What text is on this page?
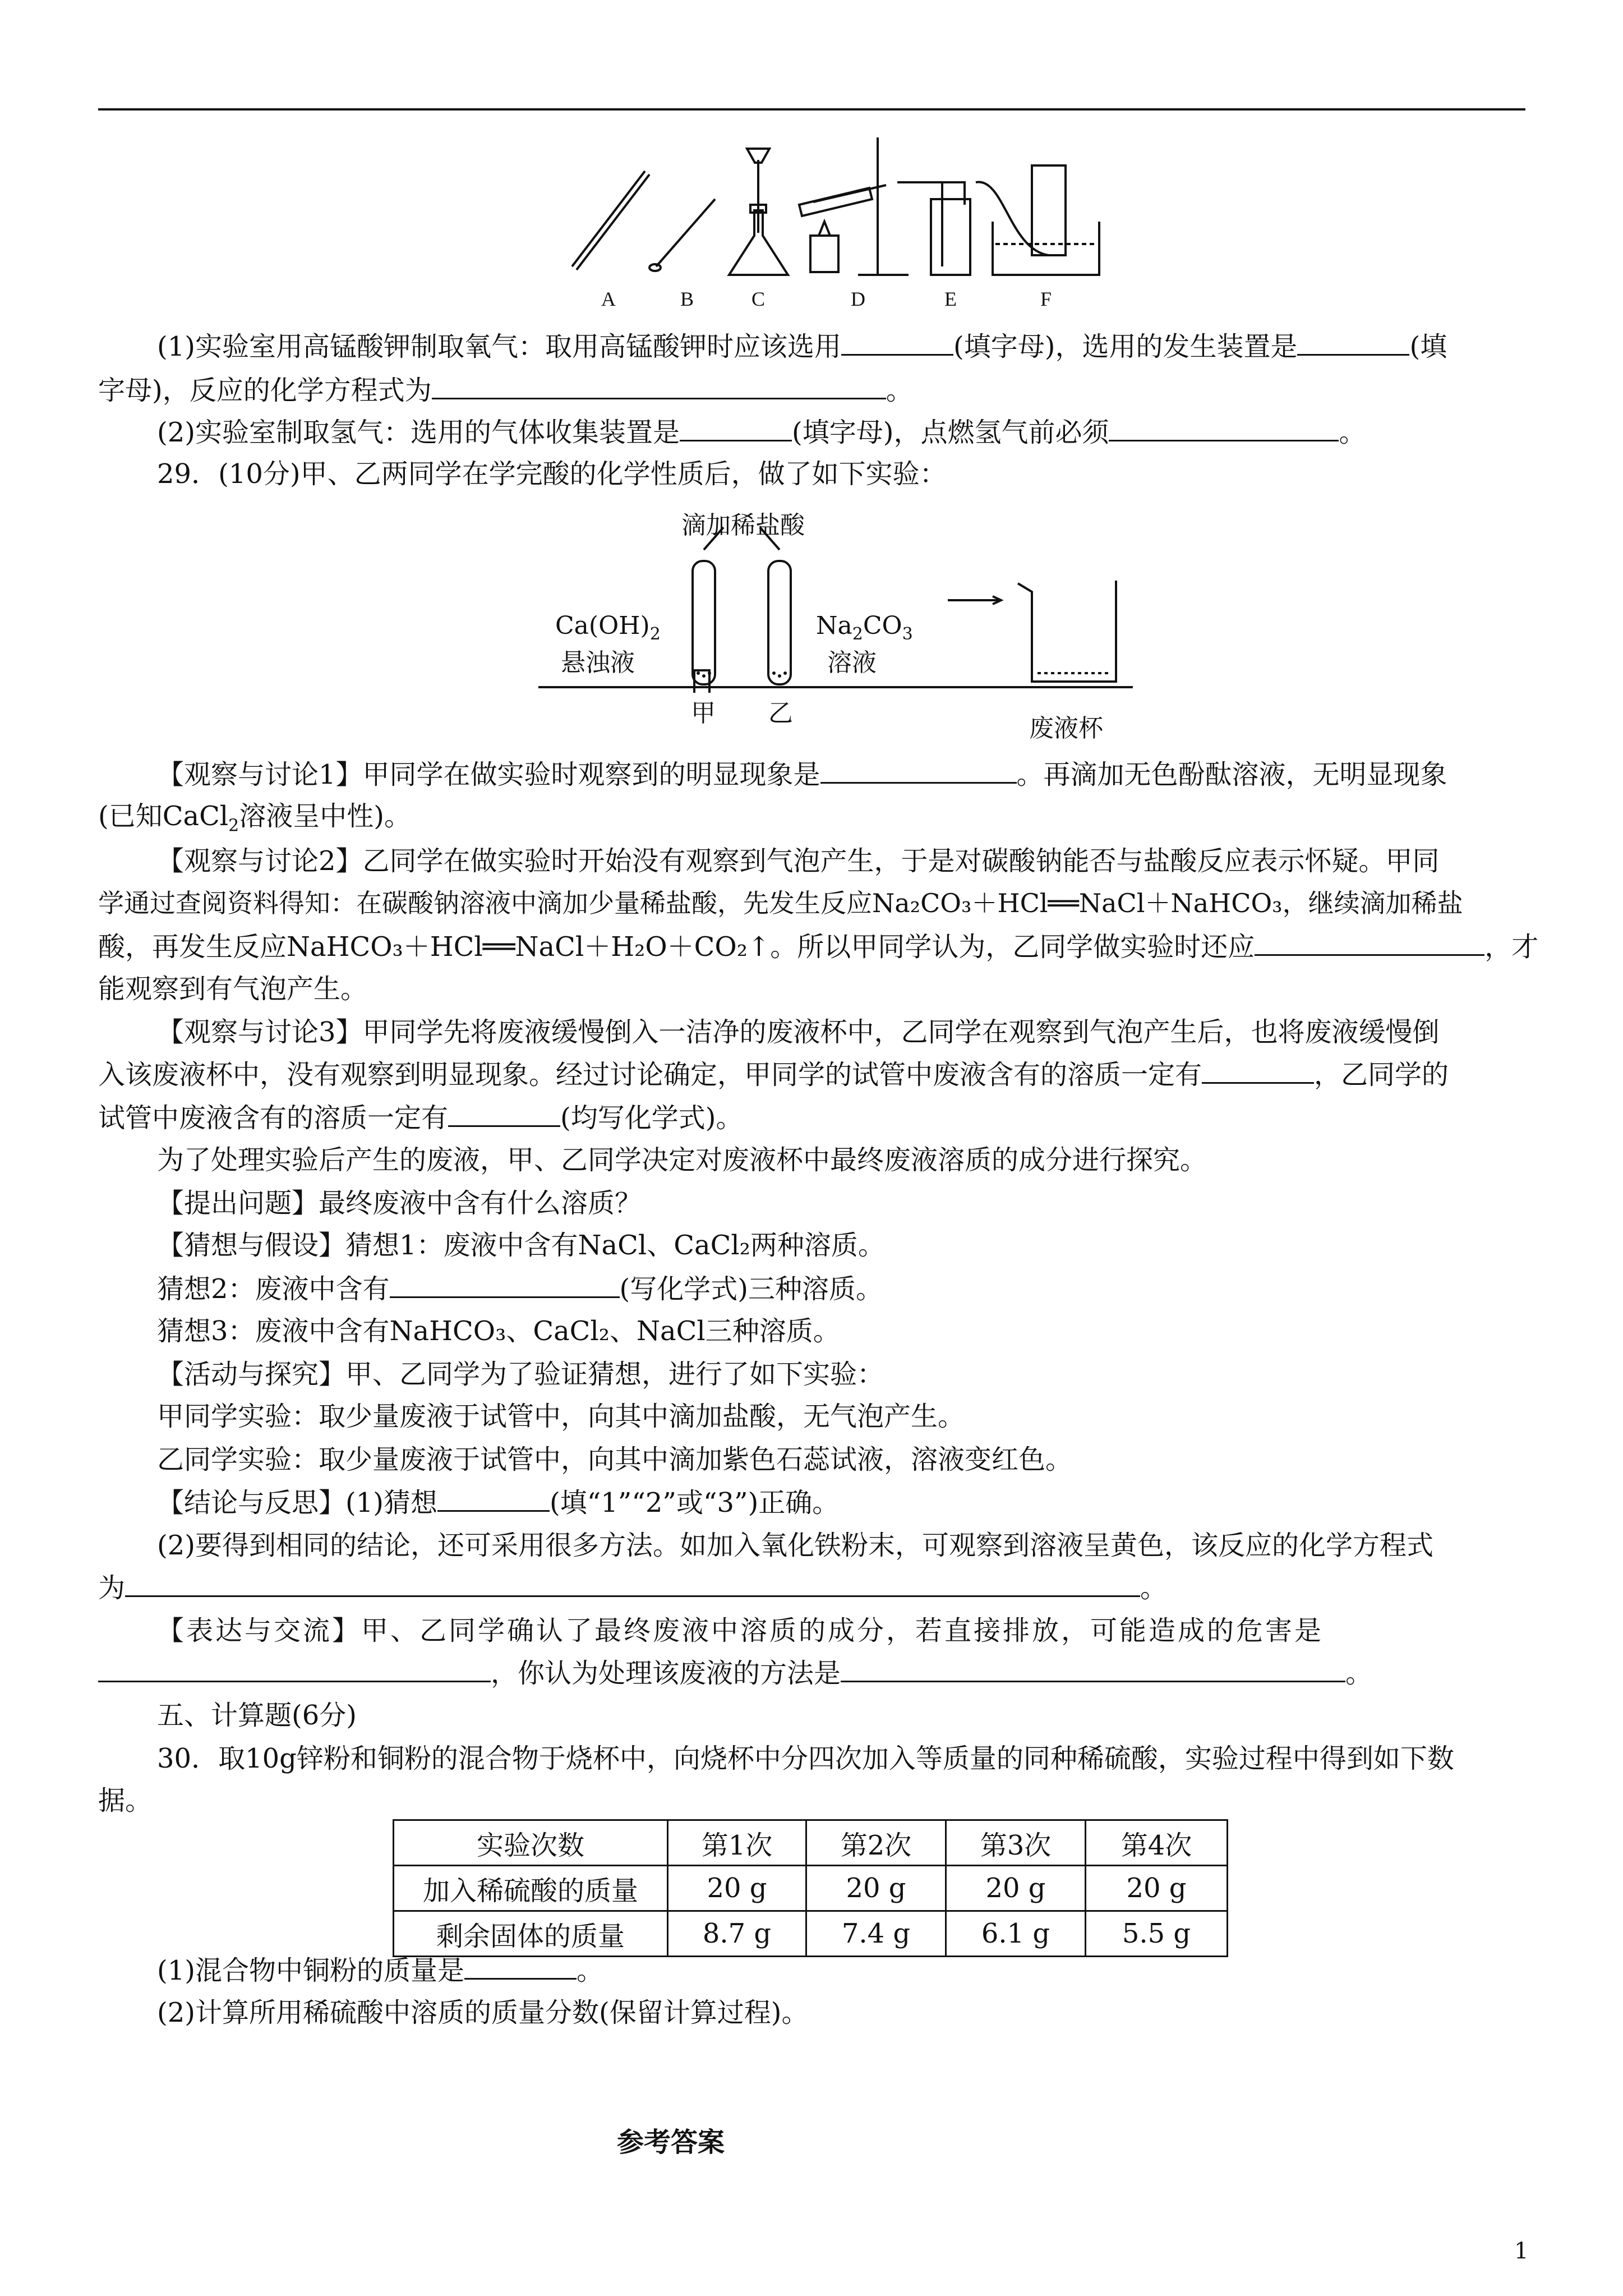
A	B	C	D	E	F
(1)实验室用高锰酸钾制取氧气：取用高锰酸钾时应该选用	(填字母)，选用的发生装置是	(填
字母)，反应的化学方程式为	。
(2)实验室制取氢气：选用的气体收集装置是	(填字母)，点燃氢气前必须	。
29．(10分)甲、乙两同学在学完酸的化学性质后，做了如下实验：
滴加稀盐酸
$Ca(OH)_2$
悬浊液
$Na_2CO_3$
溶液
甲 乙
废液杯
【观察与讨论1】甲同学在做实验时观察到的明显现象是	。再滴加无色酚酞溶液，无明显现象
(已知CaCl$_2$溶液呈中性)。
【观察与讨论2】乙同学在做实验时开始没有观察到气泡产生，于是对碳酸钠能否与盐酸反应表示怀疑。甲同
学通过查阅资料得知：在碳酸钠溶液中滴加少量稀盐酸，先发生反应Na₂CO₃＋HCl══NaCl＋NaHCO₃，继续滴加稀盐
酸，再发生反应NaHCO₃＋HCl══NaCl＋H₂O＋CO₂↑。所以甲同学认为，乙同学做实验时还应	，才
能观察到有气泡产生。
【观察与讨论3】甲同学先将废液缓慢倒入一洁净的废液杯中，乙同学在观察到气泡产生后，也将废液缓慢倒
入该废液杯中，没有观察到明显现象。经过讨论确定，甲同学的试管中废液含有的溶质一定有	，乙同学的
试管中废液含有的溶质一定有	(均写化学式)。
为了处理实验后产生的废液，甲、乙同学决定对废液杯中最终废液溶质的成分进行探究。
【提出问题】最终废液中含有什么溶质？
【猜想与假设】猜想1：废液中含有NaCl、CaCl₂两种溶质。
猜想2：废液中含有	(写化学式)三种溶质。
猜想3：废液中含有NaHCO₃、CaCl₂、NaCl三种溶质。
【活动与探究】甲、乙同学为了验证猜想，进行了如下实验：
甲同学实验：取少量废液于试管中，向其中滴加盐酸，无气泡产生。
乙同学实验：取少量废液于试管中，向其中滴加紫色石蕊试液，溶液变红色。
【结论与反思】(1)猜想	(填“1”“2”或“3”)正确。
(2)要得到相同的结论，还可采用很多方法。如加入氧化铁粉末，可观察到溶液呈黄色，该反应的化学方程式
为	。
【表达与交流】甲、乙同学确认了最终废液中溶质的成分，若直接排放，可能造成的危害是
，你认为处理该废液的方法是	。
五、计算题(6分)
30．取10g锌粉和铜粉的混合物于烧杯中，向烧杯中分四次加入等质量的同种稀硫酸，实验过程中得到如下数
据。
实验次数	第1次	第2次	第3次	第4次
加入稀硫酸的质量	20 g	20 g	20 g	20 g
剩余固体的质量	8.7 g	7.4 g	6.1 g	5.5 g
(1)混合物中铜粉的质量是	。
(2)计算所用稀硫酸中溶质的质量分数(保留计算过程)。
参考答案
1
